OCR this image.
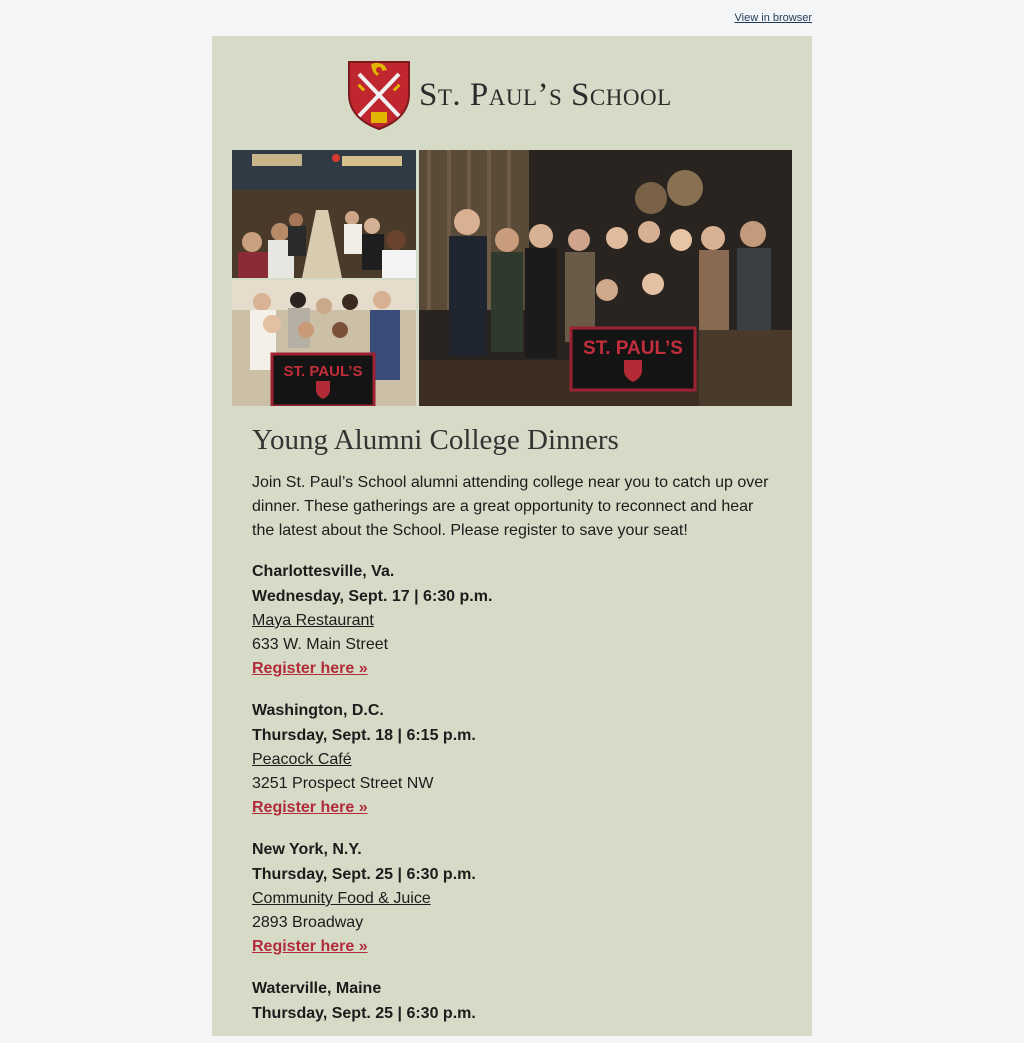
View in browser
St. Paul’s School
ST. PAUL’S
ST. PAUL’S
Young Alumni College Dinners

Join St. Paul’s School alumni attending college near you to catch up over dinner. These gatherings are a great opportunity to reconnect and hear the latest about the School. Please register to save your seat!

Charlottesville, Va.
Wednesday, Sept. 17 | 6:30 p.m.
Maya Restaurant
633 W. Main Street
Register here »
Washington, D.C.
Thursday, Sept. 18 | 6:15 p.m.
Peacock Café
3251 Prospect Street NW
Register here »
New York, N.Y.
Thursday, Sept. 25 | 6:30 p.m.
Community Food & Juice
2893 Broadway
Register here »
Waterville, Maine
Thursday, Sept. 25 | 6:30 p.m.
